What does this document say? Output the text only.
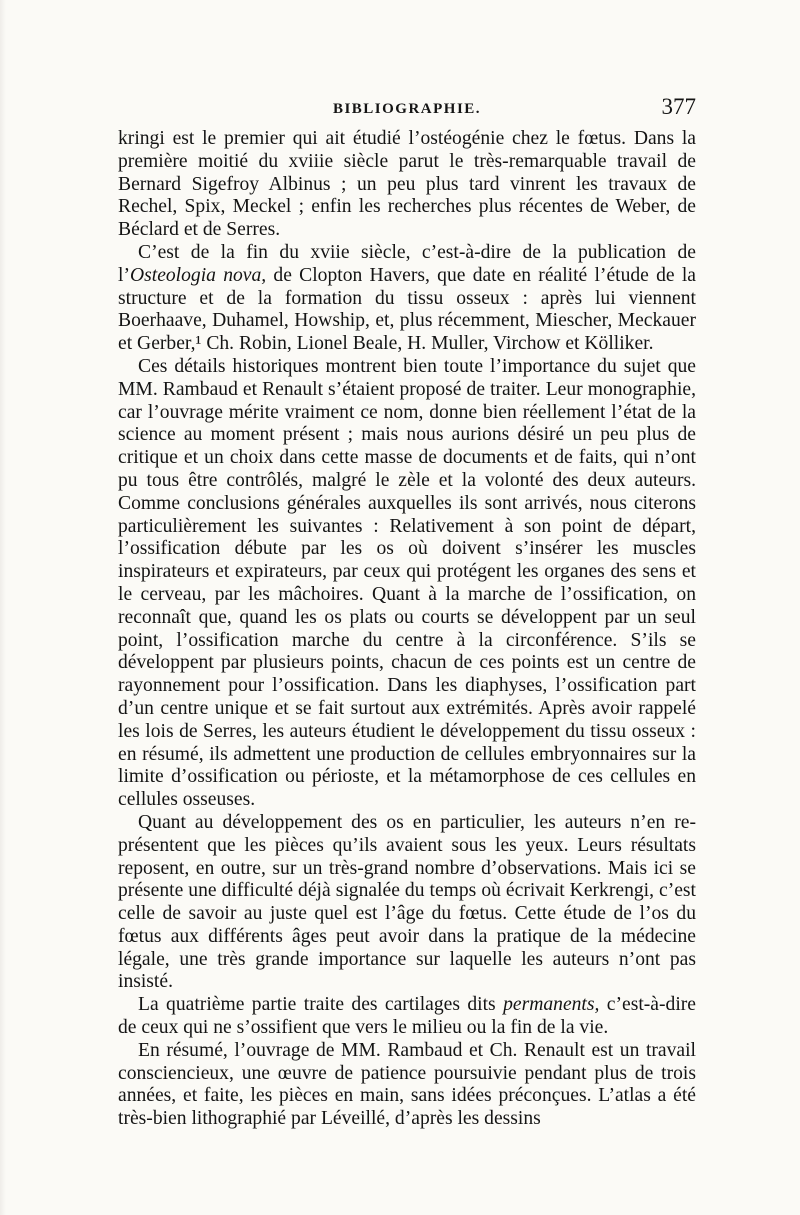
BIBLIOGRAPHIE.	377

kringi est le premier qui ait étudié l’ostéogénie chez le fœtus. Dans la première moitié du xviiie siècle parut le très-remarquable travail de Bernard Sigefroy Albinus ; un peu plus tard vinrent les travaux de Rechel, Spix, Meckel ; enfin les recherches plus récentes de Weber, de Béclard et de Serres.

C’est de la fin du xviie siècle, c’est-à-dire de la publication de l’Osteologia nova, de Clopton Havers, que date en réalité l’étude de la structure et de la formation du tissu osseux : après lui viennent Boerhaave, Duhamel, Howship, et, plus récemment, Miescher, Meckauer et Gerber,¹ Ch. Robin, Lionel Beale, H. Muller, Virchow et Kölliker.

Ces détails historiques montrent bien toute l’importance du sujet que MM. Rambaud et Renault s’étaient proposé de traiter. Leur monographie, car l’ouvrage mérite vraiment ce nom, donne bien réellement l’état de la science au moment présent ; mais nous aurions désiré un peu plus de critique et un choix dans cette masse de documents et de faits, qui n’ont pu tous être contrôlés, malgré le zèle et la volonté des deux auteurs. Comme conclusions générales auxquelles ils sont arrivés, nous citerons particulièrement les suivantes : Relativement à son point de départ, l’ossification débute par les os où doivent s’insérer les muscles inspirateurs et expirateurs, par ceux qui protégent les organes des sens et le cerveau, par les mâchoires. Quant à la marche de l’ossification, on reconnaît que, quand les os plats ou courts se développent par un seul point, l’ossification marche du centre à la circonférence. S’ils se développent par plusieurs points, chacun de ces points est un centre de rayonnement pour l’ossification. Dans les diaphyses, l’ossification part d’un centre unique et se fait surtout aux extrémités. Après avoir rappelé les lois de Serres, les auteurs étudient le développement du tissu osseux : en résumé, ils admettent une production de cellules embryonnaires sur la limite d’ossification ou périoste, et la métamorphose de ces cellules en cellules osseuses.

Quant au développement des os en particulier, les auteurs n’en représentent que les pièces qu’ils avaient sous les yeux. Leurs résultats reposent, en outre, sur un très-grand nombre d’observations. Mais ici se présente une difficulté déjà signalée du temps où écrivait Kerkrengi, c’est celle de savoir au juste quel est l’âge du fœtus. Cette étude de l’os du fœtus aux différents âges peut avoir dans la pratique de la médecine légale, une très grande importance sur laquelle les auteurs n’ont pas insisté.

La quatrième partie traite des cartilages dits permanents, c’est-à-dire de ceux qui ne s’ossifient que vers le milieu ou la fin de la vie.

En résumé, l’ouvrage de MM. Rambaud et Ch. Renault est un travail consciencieux, une œuvre de patience poursuivie pendant plus de trois années, et faite, les pièces en main, sans idées préconçues. L’atlas a été très-bien lithographié par Léveillé, d’après les dessins
